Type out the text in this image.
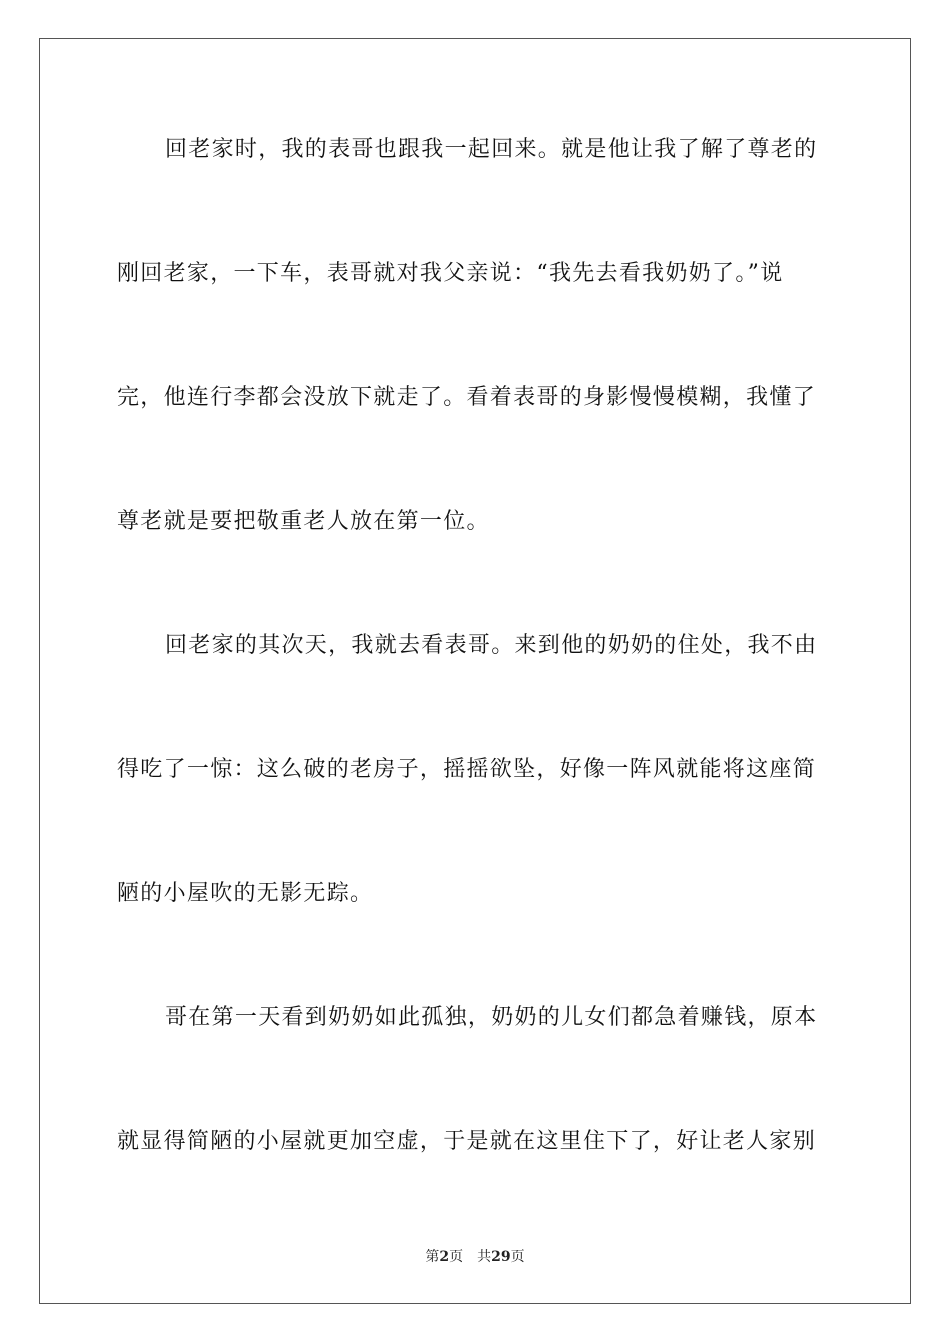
回老家时，我的表哥也跟我一起回来。就是他让我了解了尊老的
刚回老家，一下车，表哥就对我父亲说：“我先去看我奶奶了。”说
完，他连行李都会没放下就走了。看着表哥的身影慢慢模糊，我懂了
尊老就是要把敬重老人放在第一位。
回老家的其次天，我就去看表哥。来到他的奶奶的住处，我不由
得吃了一惊：这么破的老房子，摇摇欲坠，好像一阵风就能将这座简
陋的小屋吹的无影无踪。
哥在第一天看到奶奶如此孤独，奶奶的儿女们都急着赚钱，原本
就显得简陋的小屋就更加空虚，于是就在这里住下了，好让老人家别
第2页 共29页
